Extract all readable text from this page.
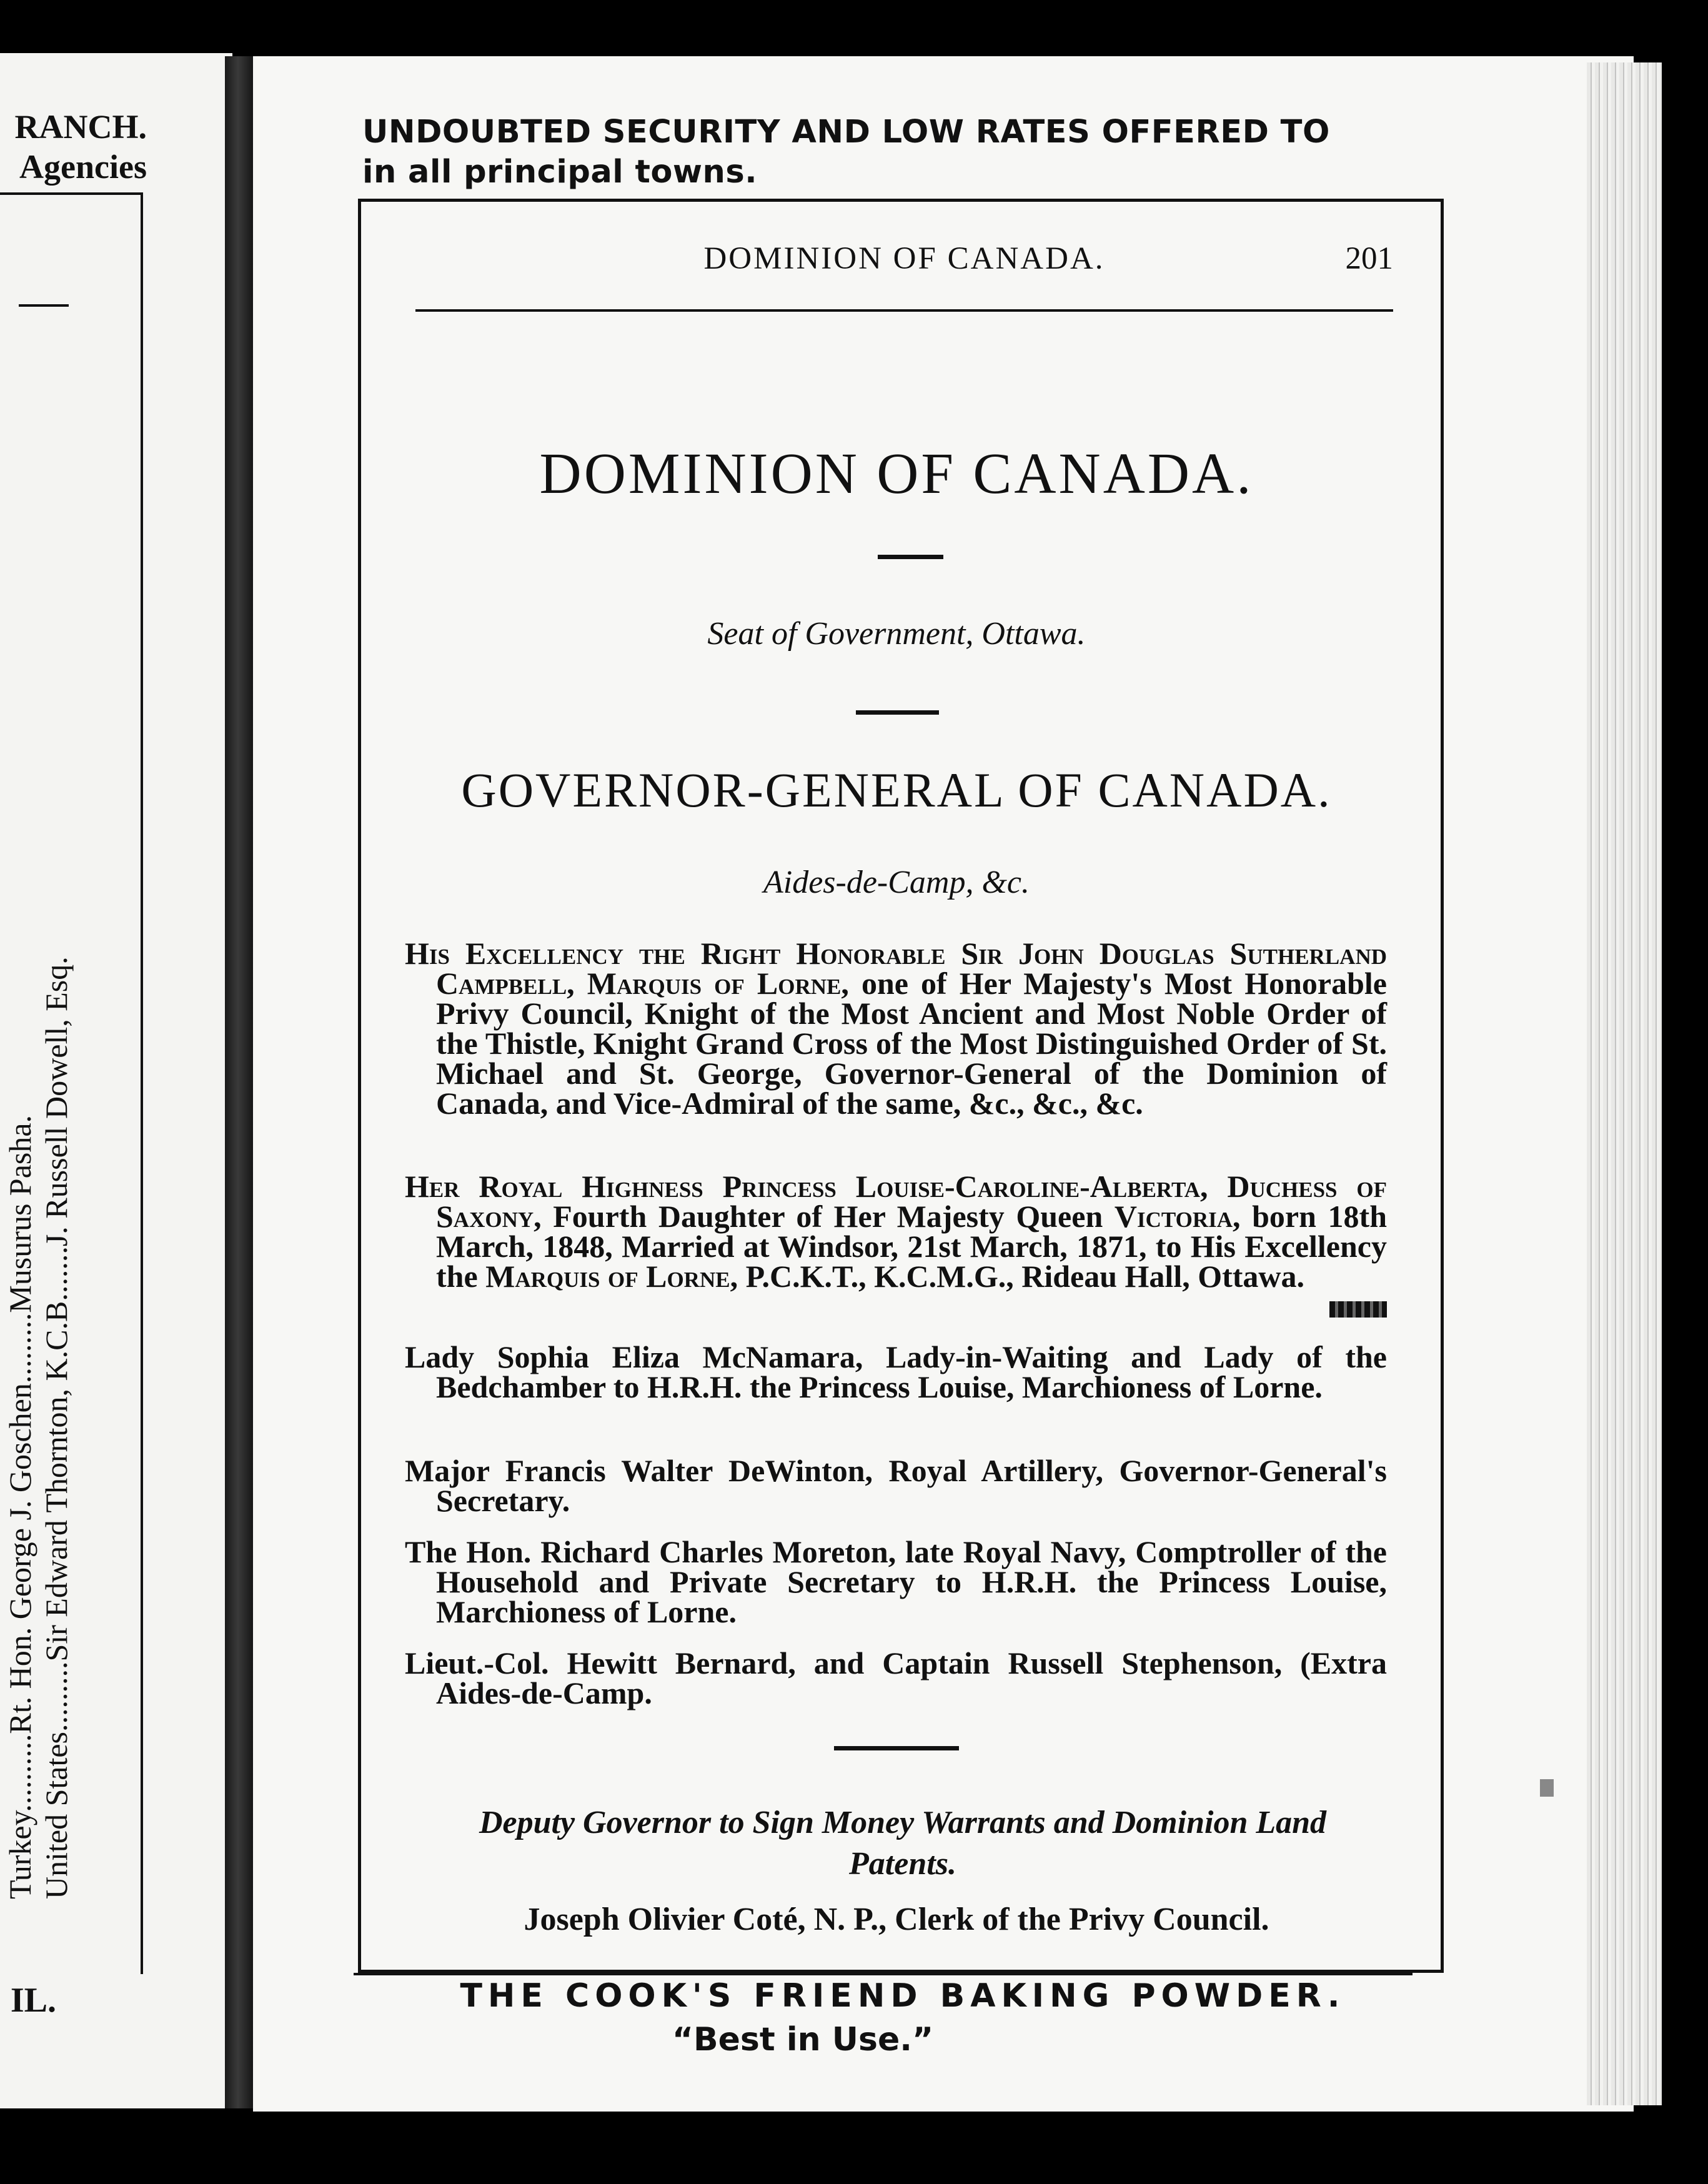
RANCH.
Agencies
United States.........Sir Edward Thornton, K.C.B.......J. Russell Dowell, Esq.
Turkey..........Rt. Hon. George J. Goschen.........Musurus Pasha.
IL.
UNDOUBTED SECURITY AND LOW RATES OFFERED TO
in all principal towns.
DOMINION OF CANADA.	201
DOMINION OF CANADA.
Seat of Government, Ottawa.
GOVERNOR-GENERAL OF CANADA.
Aides-de-Camp, &c.
His Excellency the Right Honorable Sir John Douglas Sutherland Campbell, Marquis of Lorne, one of Her Majesty's Most Honorable Privy Council, Knight of the Most Ancient and Most Noble Order of the Thistle, Knight Grand Cross of the Most Distinguished Order of St. Michael and St. George, Governor-General of the Dominion of Canada, and Vice-Admiral of the same, &c., &c., &c.
Her Royal Highness Princess Louise-Caroline-Alberta, Duchess of Saxony, Fourth Daughter of Her Majesty Queen Victoria, born 18th March, 1848, Married at Windsor, 21st March, 1871, to His Excellency the Marquis of Lorne, P.C.K.T., K.C.M.G., Rideau Hall, Ottawa.
Lady Sophia Eliza McNamara, Lady-in-Waiting and Lady of the Bedchamber to H.R.H. the Princess Louise, Marchioness of Lorne.
Major Francis Walter DeWinton, Royal Artillery, Governor-General's Secretary.
The Hon. Richard Charles Moreton, late Royal Navy, Comptroller of the Household and Private Secretary to H.R.H. the Princess Louise, Marchioness of Lorne.
Lieut.-Col. Hewitt Bernard, and Captain Russell Stephenson, (Extra Aides-de-Camp.
Deputy Governor to Sign Money Warrants and Dominion Land Patents.
Joseph Olivier Coté, N. P., Clerk of the Privy Council.
THE COOK'S FRIEND BAKING POWDER.
“Best in Use.”
